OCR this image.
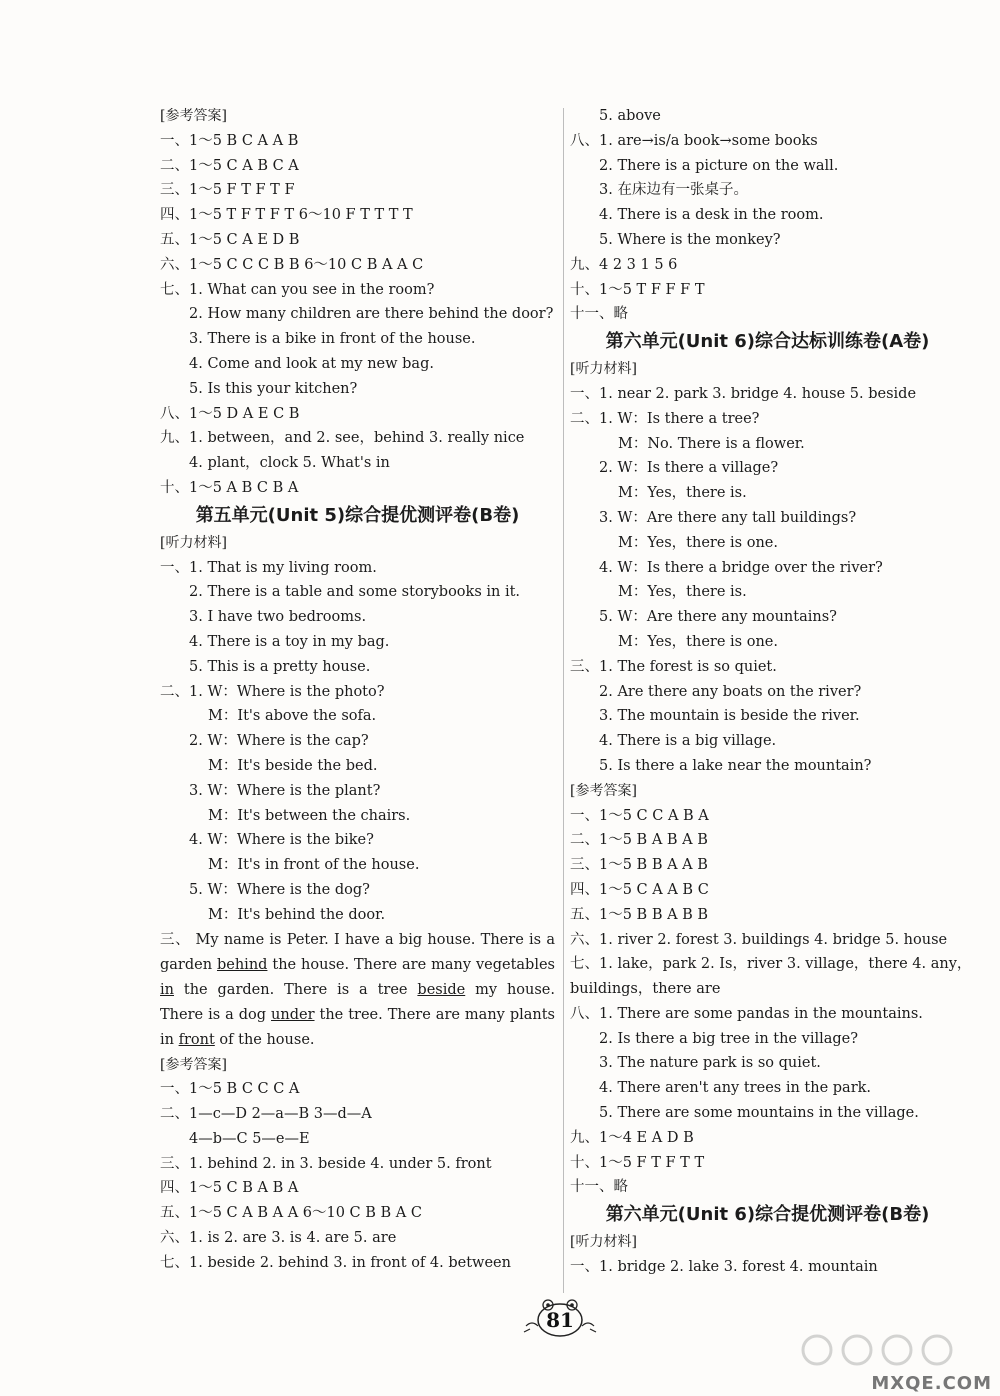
[参考答案]
一、1～5 B C A A B
二、1～5 C A B C A
三、1～5 F T F T F
四、1～5 T F T F T 6～10 F T T T T
五、1～5 C A E D B
六、1～5 C C C B B 6～10 C B A A C
七、1. What can you see in the room?
2. How many children are there behind the door?
3. There is a bike in front of the house.
4. Come and look at my new bag.
5. Is this your kitchen?
八、1～5 D A E C B
九、1. between，and 2. see，behind 3. really nice
4. plant，clock 5. What's in
十、1～5 A B C B A
第五单元(Unit 5)综合提优测评卷(B卷)
[听力材料]
一、1. That is my living room.
2. There is a table and some storybooks in it.
3. I have two bedrooms.
4. There is a toy in my bag.
5. This is a pretty house.
二、1. W：Where is the photo?
M：It's above the sofa.
2. W：Where is the cap?
M：It's beside the bed.
3. W：Where is the plant?
M：It's between the chairs.
4. W：Where is the bike?
M：It's in front of the house.
5. W：Where is the dog?
M：It's behind the door.

三、 My name is Peter. I have a big house. There is a garden behind the house. There are many vegetables in the garden. There is a tree beside my house. There is a dog under the tree. There are many plants in front of the house.

[参考答案]
一、1～5 B C C C A
二、1—c—D 2—a—B 3—d—A
4—b—C 5—e—E
三、1. behind 2. in 3. beside 4. under 5. front
四、1～5 C B A B A
五、1～5 C A B A A 6～10 C B B A C
六、1. is 2. are 3. is 4. are 5. are
七、1. beside 2. behind 3. in front of 4. between
5. above
八、1. are→is/a book→some books
2. There is a picture on the wall.
3. 在床边有一张桌子。
4. There is a desk in the room.
5. Where is the monkey?
九、4 2 3 1 5 6
十、1～5 T F F F T
十一、略
第六单元(Unit 6)综合达标训练卷(A卷)
[听力材料]
一、1. near 2. park 3. bridge 4. house 5. beside
二、1. W：Is there a tree?
M：No. There is a flower.
2. W：Is there a village?
M：Yes，there is.
3. W：Are there any tall buildings?
M：Yes，there is one.
4. W：Is there a bridge over the river?
M：Yes，there is.
5. W：Are there any mountains?
M：Yes，there is one.
三、1. The forest is so quiet.
2. Are there any boats on the river?
3. The mountain is beside the river.
4. There is a big village.
5. Is there a lake near the mountain?
[参考答案]
一、1～5 C C A B A
二、1～5 B A B A B
三、1～5 B B A A B
四、1～5 C A A B C
五、1～5 B B A B B
六、1. river 2. forest 3. buildings 4. bridge 5. house
七、1. lake，park 2. Is，river 3. village，there 4. any，
buildings，there are
八、1. There are some pandas in the mountains.
2. Is there a big tree in the village?
3. The nature park is so quiet.
4. There aren't any trees in the park.
5. There are some mountains in the village.
九、1～4 E A D B
十、1～5 F T F T T
十一、略
第六单元(Unit 6)综合提优测评卷(B卷)
[听力材料]
一、1. bridge 2. lake 3. forest 4. mountain
81
MXQE.COM
